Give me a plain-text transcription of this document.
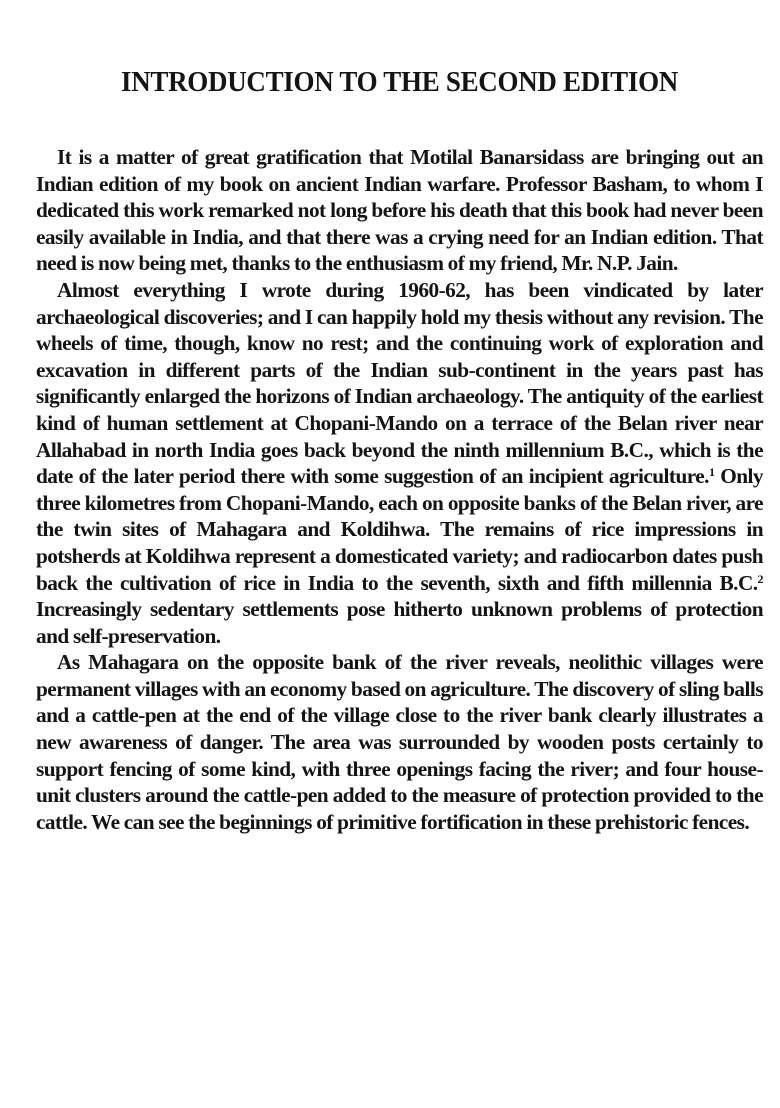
INTRODUCTION TO THE SECOND EDITION

It is a matter of great gratification that Motilal Banarsidass are bringing out an Indian edition of my book on ancient Indian warfare. Professor Basham, to whom I dedicated this work remarked not long before his death that this book had never been easily available in India, and that there was a crying need for an Indian edition. That need is now being met, thanks to the enthusiasm of my friend, Mr. N.P. Jain.

Almost everything I wrote during 1960-62, has been vindicated by later archaeological discoveries; and I can happily hold my thesis without any revision. The wheels of time, though, know no rest; and the continuing work of exploration and excavation in different parts of the Indian sub-continent in the years past has significantly enlarged the horizons of Indian archaeology. The antiquity of the earliest kind of human settlement at Chopani-Mando on a terrace of the Belan river near Allahabad in north India goes back beyond the ninth millennium B.C., which is the date of the later period there with some suggestion of an incipient agriculture.$^1$ Only three kilometres from Chopani-Mando, each on opposite banks of the Belan river, are the twin sites of Mahagara and Koldihwa. The remains of rice impressions in potsherds at Koldihwa represent a domesticated variety; and radiocarbon dates push back the cultivation of rice in India to the seventh, sixth and fifth millennia B.C.$^2$ Increasingly sedentary settlements pose hitherto unknown problems of protection and self-preservation.

As Mahagara on the opposite bank of the river reveals, neolithic villages were permanent villages with an economy based on agriculture. The discovery of sling balls and a cattle-pen at the end of the village close to the river bank clearly illustrates a new awareness of danger. The area was surrounded by wooden posts certainly to support fencing of some kind, with three openings facing the river; and four house-unit clusters around the cattle-pen added to the measure of protection provided to the cattle. We can see the beginnings of primitive fortification in these prehistoric fences.
